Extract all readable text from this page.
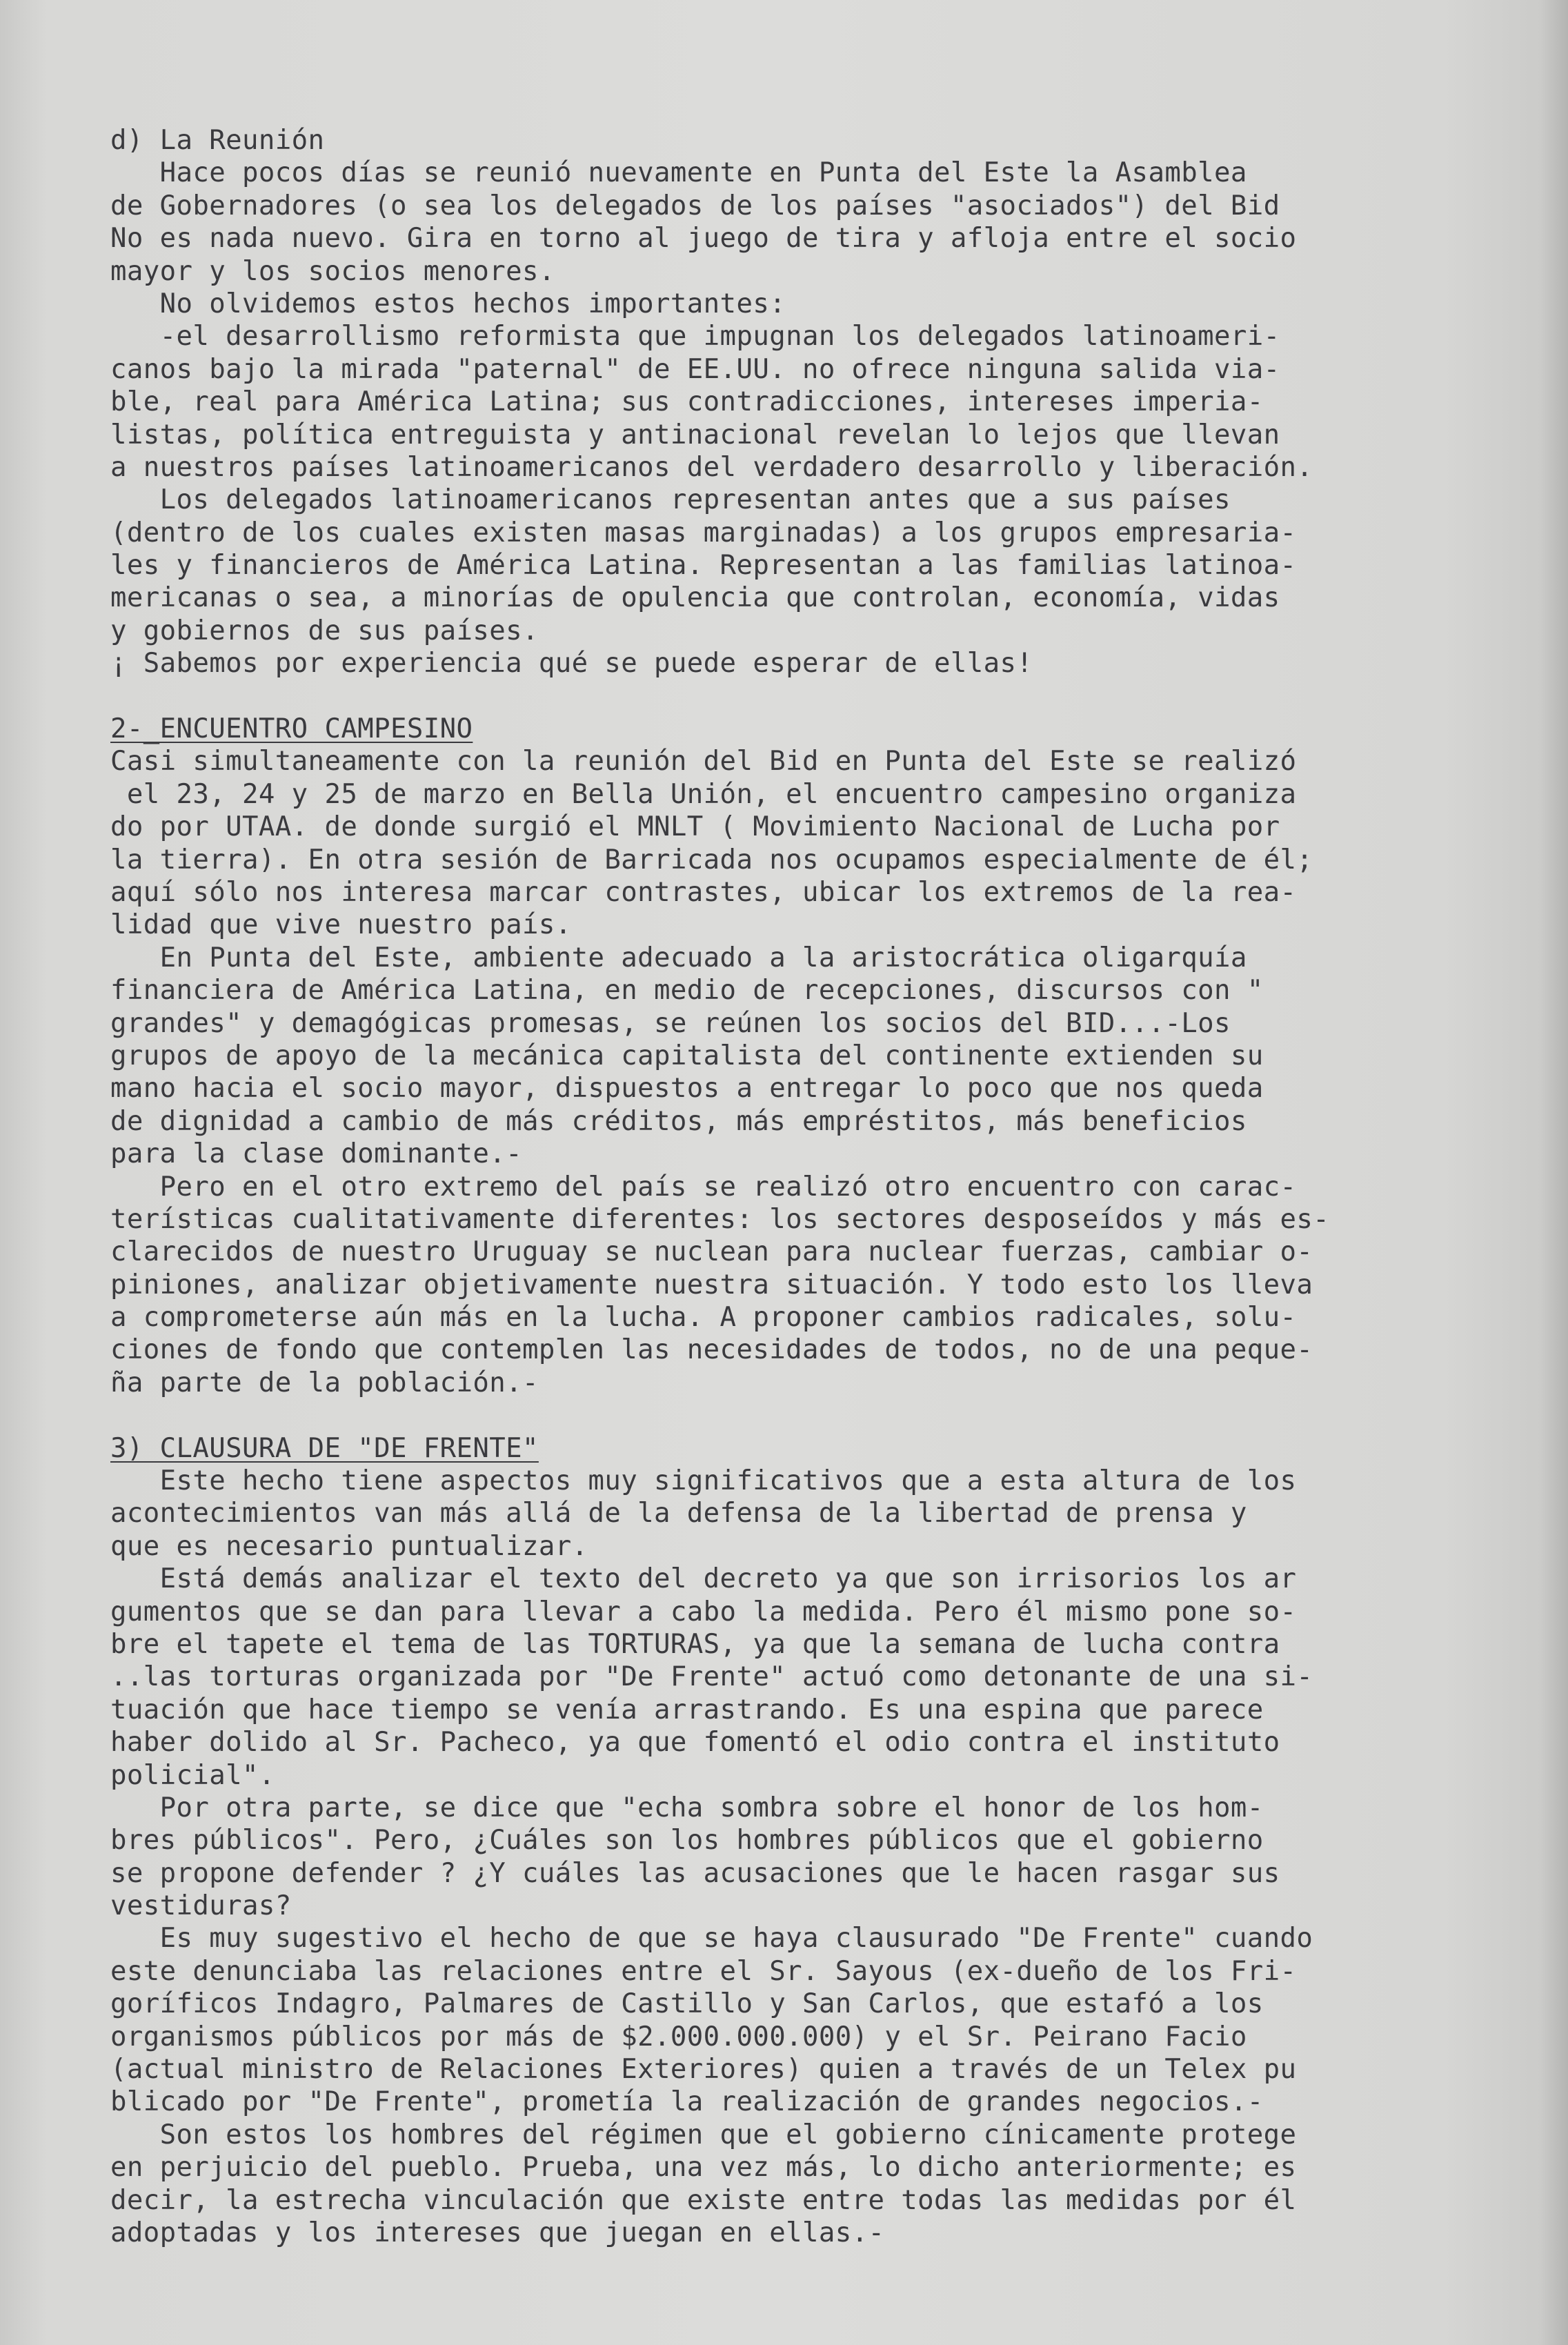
d) La Reunión
Hace pocos días se reunió nuevamente en Punta del Este la Asamblea
de Gobernadores (o sea los delegados de los países "asociados") del Bid
No es nada nuevo. Gira en torno al juego de tira y afloja entre el socio
mayor y los socios menores.
No olvidemos estos hechos importantes:
-el desarrollismo reformista que impugnan los delegados latinoameri-
canos bajo la mirada "paternal" de EE.UU. no ofrece ninguna salida via-
ble, real para América Latina; sus contradicciones, intereses imperia-
listas, política entreguista y antinacional revelan lo lejos que llevan
a nuestros países latinoamericanos del verdadero desarrollo y liberación.
Los delegados latinoamericanos representan antes que a sus países
(dentro de los cuales existen masas marginadas) a los grupos empresaria-
les y financieros de América Latina. Representan a las familias latinoa-
mericanas o sea, a minorías de opulencia que controlan, economía, vidas
y gobiernos de sus países.
¡ Sabemos por experiencia qué se puede esperar de ellas!
2-_ENCUENTRO CAMPESINO
Casi simultaneamente con la reunión del Bid en Punta del Este se realizó
el 23, 24 y 25 de marzo en Bella Unión, el encuentro campesino organiza
do por UTAA. de donde surgió el MNLT ( Movimiento Nacional de Lucha por
la tierra). En otra sesión de Barricada nos ocupamos especialmente de él;
aquí sólo nos interesa marcar contrastes, ubicar los extremos de la rea-
lidad que vive nuestro país.
En Punta del Este, ambiente adecuado a la aristocrática oligarquía
financiera de América Latina, en medio de recepciones, discursos con "
grandes" y demagógicas promesas, se reúnen los socios del BID...-Los
grupos de apoyo de la mecánica capitalista del continente extienden su
mano hacia el socio mayor, dispuestos a entregar lo poco que nos queda
de dignidad a cambio de más créditos, más empréstitos, más beneficios
para la clase dominante.-
Pero en el otro extremo del país se realizó otro encuentro con carac-
terísticas cualitativamente diferentes: los sectores desposeídos y más es-
clarecidos de nuestro Uruguay se nuclean para nuclear fuerzas, cambiar o-
piniones, analizar objetivamente nuestra situación. Y todo esto los lleva
a comprometerse aún más en la lucha. A proponer cambios radicales, solu-
ciones de fondo que contemplen las necesidades de todos, no de una peque-
ña parte de la población.-
3) CLAUSURA DE "DE FRENTE"
Este hecho tiene aspectos muy significativos que a esta altura de los
acontecimientos van más allá de la defensa de la libertad de prensa y
que es necesario puntualizar.
Está demás analizar el texto del decreto ya que son irrisorios los ar
gumentos que se dan para llevar a cabo la medida. Pero él mismo pone so-
bre el tapete el tema de las TORTURAS, ya que la semana de lucha contra
..las torturas organizada por "De Frente" actuó como detonante de una si-
tuación que hace tiempo se venía arrastrando. Es una espina que parece
haber dolido al Sr. Pacheco, ya que fomentó el odio contra el instituto
policial".
Por otra parte, se dice que "echa sombra sobre el honor de los hom-
bres públicos". Pero, ¿Cuáles son los hombres públicos que el gobierno
se propone defender ? ¿Y cuáles las acusaciones que le hacen rasgar sus
vestiduras?
Es muy sugestivo el hecho de que se haya clausurado "De Frente" cuando
este denunciaba las relaciones entre el Sr. Sayous (ex-dueño de los Fri-
goríficos Indagro, Palmares de Castillo y San Carlos, que estafó a los
organismos públicos por más de $2.000.000.000) y el Sr. Peirano Facio
(actual ministro de Relaciones Exteriores) quien a través de un Telex pu
blicado por "De Frente", prometía la realización de grandes negocios.-
Son estos los hombres del régimen que el gobierno cínicamente protege
en perjuicio del pueblo. Prueba, una vez más, lo dicho anteriormente; es
decir, la estrecha vinculación que existe entre todas las medidas por él
adoptadas y los intereses que juegan en ellas.-
